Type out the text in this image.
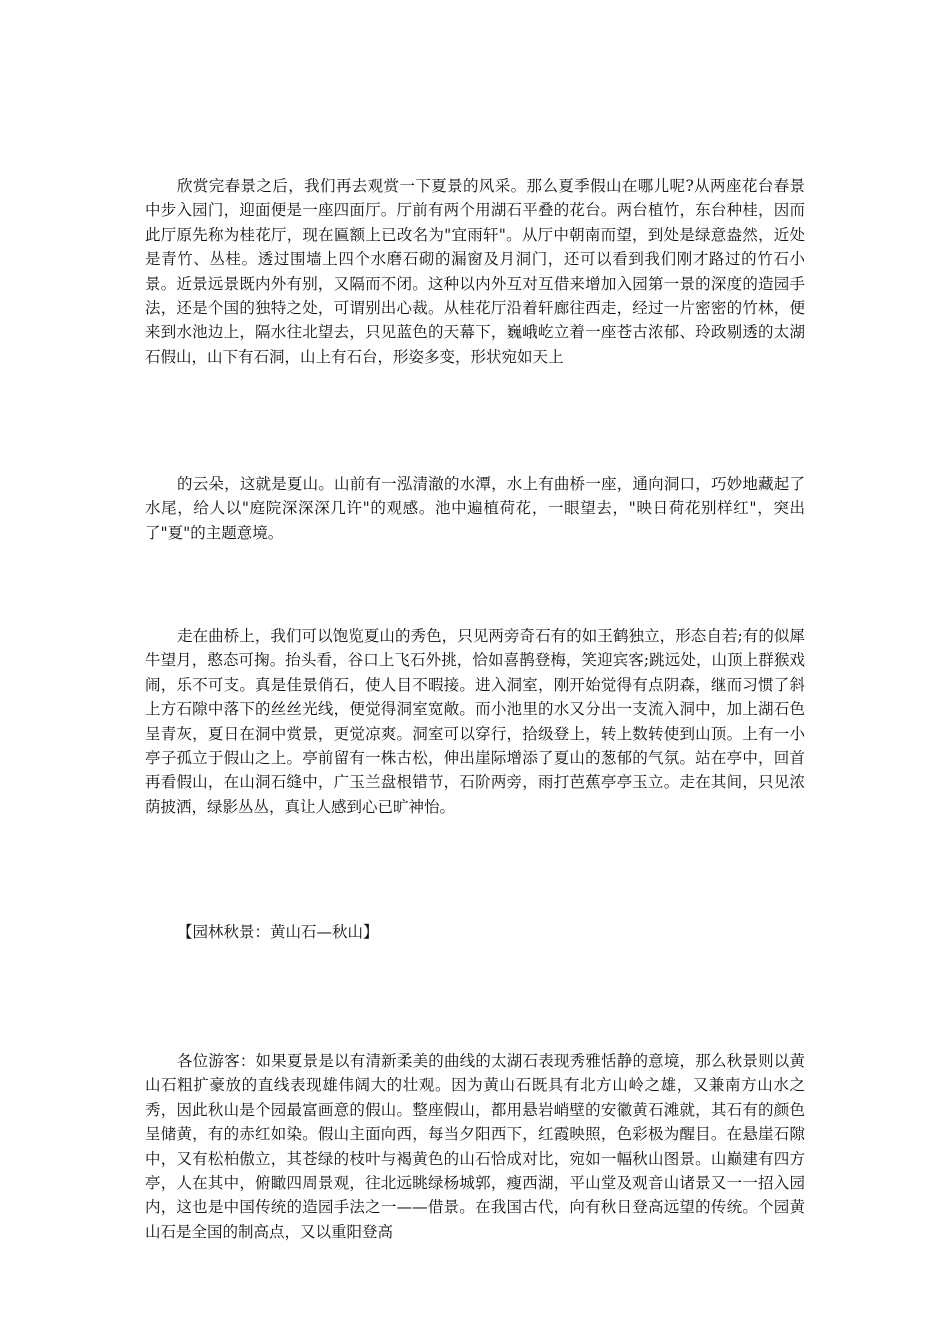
欣赏完春景之后，我们再去观赏一下夏景的风采。那么夏季假山在哪儿呢?从两座花台春景中步入园门，迎面便是一座四面厅。厅前有两个用湖石平叠的花台。两台植竹，东台种桂，因而此厅原先称为桂花厅，现在匾额上已改名为"宜雨轩"。从厅中朝南而望，到处是绿意盎然，近处是青竹、丛桂。透过围墙上四个水磨石砌的漏窗及月洞门，还可以看到我们刚才路过的竹石小景。近景远景既内外有别，又隔而不闭。这种以内外互对互借来增加入园第一景的深度的造园手法，还是个国的独特之处，可谓别出心裁。从桂花厅沿着轩廊往西走，经过一片密密的竹林，便来到水池边上，隔水往北望去，只见蓝色的天幕下，巍峨屹立着一座苍古浓郁、玲政剔透的太湖石假山，山下有石洞，山上有石台，形姿多变，形状宛如天上

的云朵，这就是夏山。山前有一泓清澈的水潭，水上有曲桥一座，通向洞口，巧妙地藏起了水尾，给人以"庭院深深深几许"的观感。池中遍植荷花，一眼望去，"映日荷花别样红"，突出了"夏"的主题意境。

走在曲桥上，我们可以饱览夏山的秀色，只见两旁奇石有的如王鹤独立，形态自若;有的似犀牛望月，憨态可掬。抬头看，谷口上飞石外挑，恰如喜鹊登梅，笑迎宾客;跳远处，山顶上群猴戏闹，乐不可支。真是佳景俏石，使人目不暇接。进入洞室，刚开始觉得有点阴森，继而习惯了斜上方石隙中落下的丝丝光线，便觉得洞室宽敞。而小池里的水又分出一支流入洞中，加上湖石色呈青灰，夏日在洞中赏景，更觉凉爽。洞室可以穿行，拾级登上，转上数转使到山顶。上有一小亭子孤立于假山之上。亭前留有一株古松，伸出崖际增添了夏山的葱郁的气氛。站在亭中，回首再看假山，在山洞石缝中，广玉兰盘根错节，石阶两旁，雨打芭蕉亭亭玉立。走在其间，只见浓荫披洒，绿影丛丛，真让人感到心已旷神怡。

【园林秋景：黄山石—秋山】

各位游客：如果夏景是以有清新柔美的曲线的太湖石表现秀雅恬静的意境，那么秋景则以黄山石粗扩豪放的直线表现雄伟阔大的壮观。因为黄山石既具有北方山岭之雄，又兼南方山水之秀，因此秋山是个园最富画意的假山。整座假山，都用悬岩峭壁的安徽黄石滩就，其石有的颜色呈储黄，有的赤红如染。假山主面向西，每当夕阳西下，红霞映照，色彩极为醒目。在悬崖石隙中，又有松柏傲立，其苍绿的枝叶与褐黄色的山石恰成对比，宛如一幅秋山图景。山巅建有四方亭，人在其中，俯瞰四周景观，往北远眺绿杨城郭，瘦西湖，平山堂及观音山诸景又一一招入园内，这也是中国传统的造园手法之一——借景。在我国古代，向有秋日登高远望的传统。个园黄山石是全国的制高点，又以重阳登高
